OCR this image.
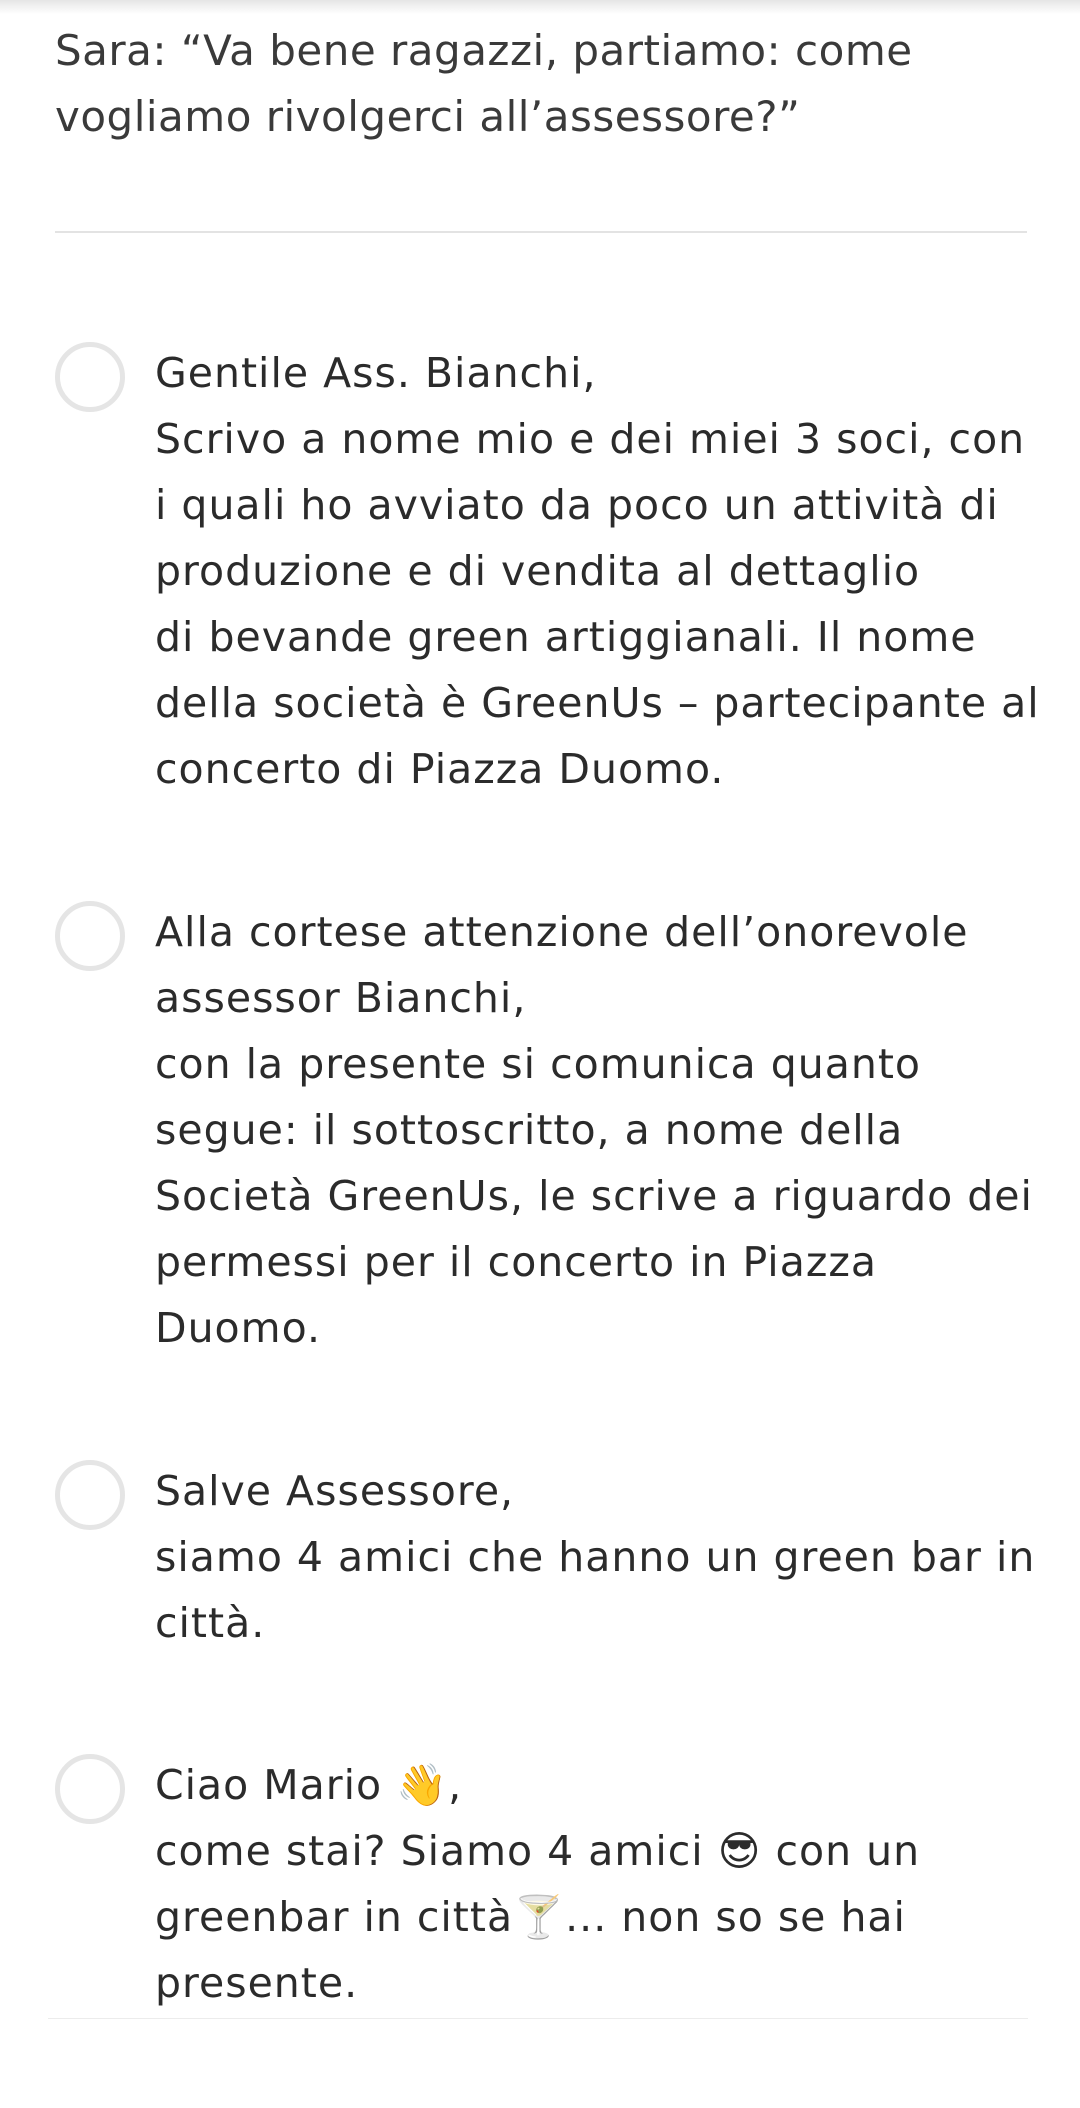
Sara: “Va bene ragazzi, partiamo: come vogliamo rivolgerci all’assessore?”

Gentile Ass. Bianchi,
Scrivo a nome mio e dei miei 3 soci, con i quali ho avviato da poco un attività di produzione e di vendita al dettaglio
di bevande green artiggianali. Il nome della società è GreenUs – partecipante al concerto di Piazza Duomo.
Alla cortese attenzione dell’onorevole assessor Bianchi,
con la presente si comunica quanto segue: il sottoscritto, a nome della Società GreenUs, le scrive a riguardo dei permessi per il concerto in Piazza Duomo.
Salve Assessore,
siamo 4 amici che hanno un green bar in città.
Ciao Mario 👋,
come stai? Siamo 4 amici 😎 con un greenbar in città🍸... non so se hai presente.
